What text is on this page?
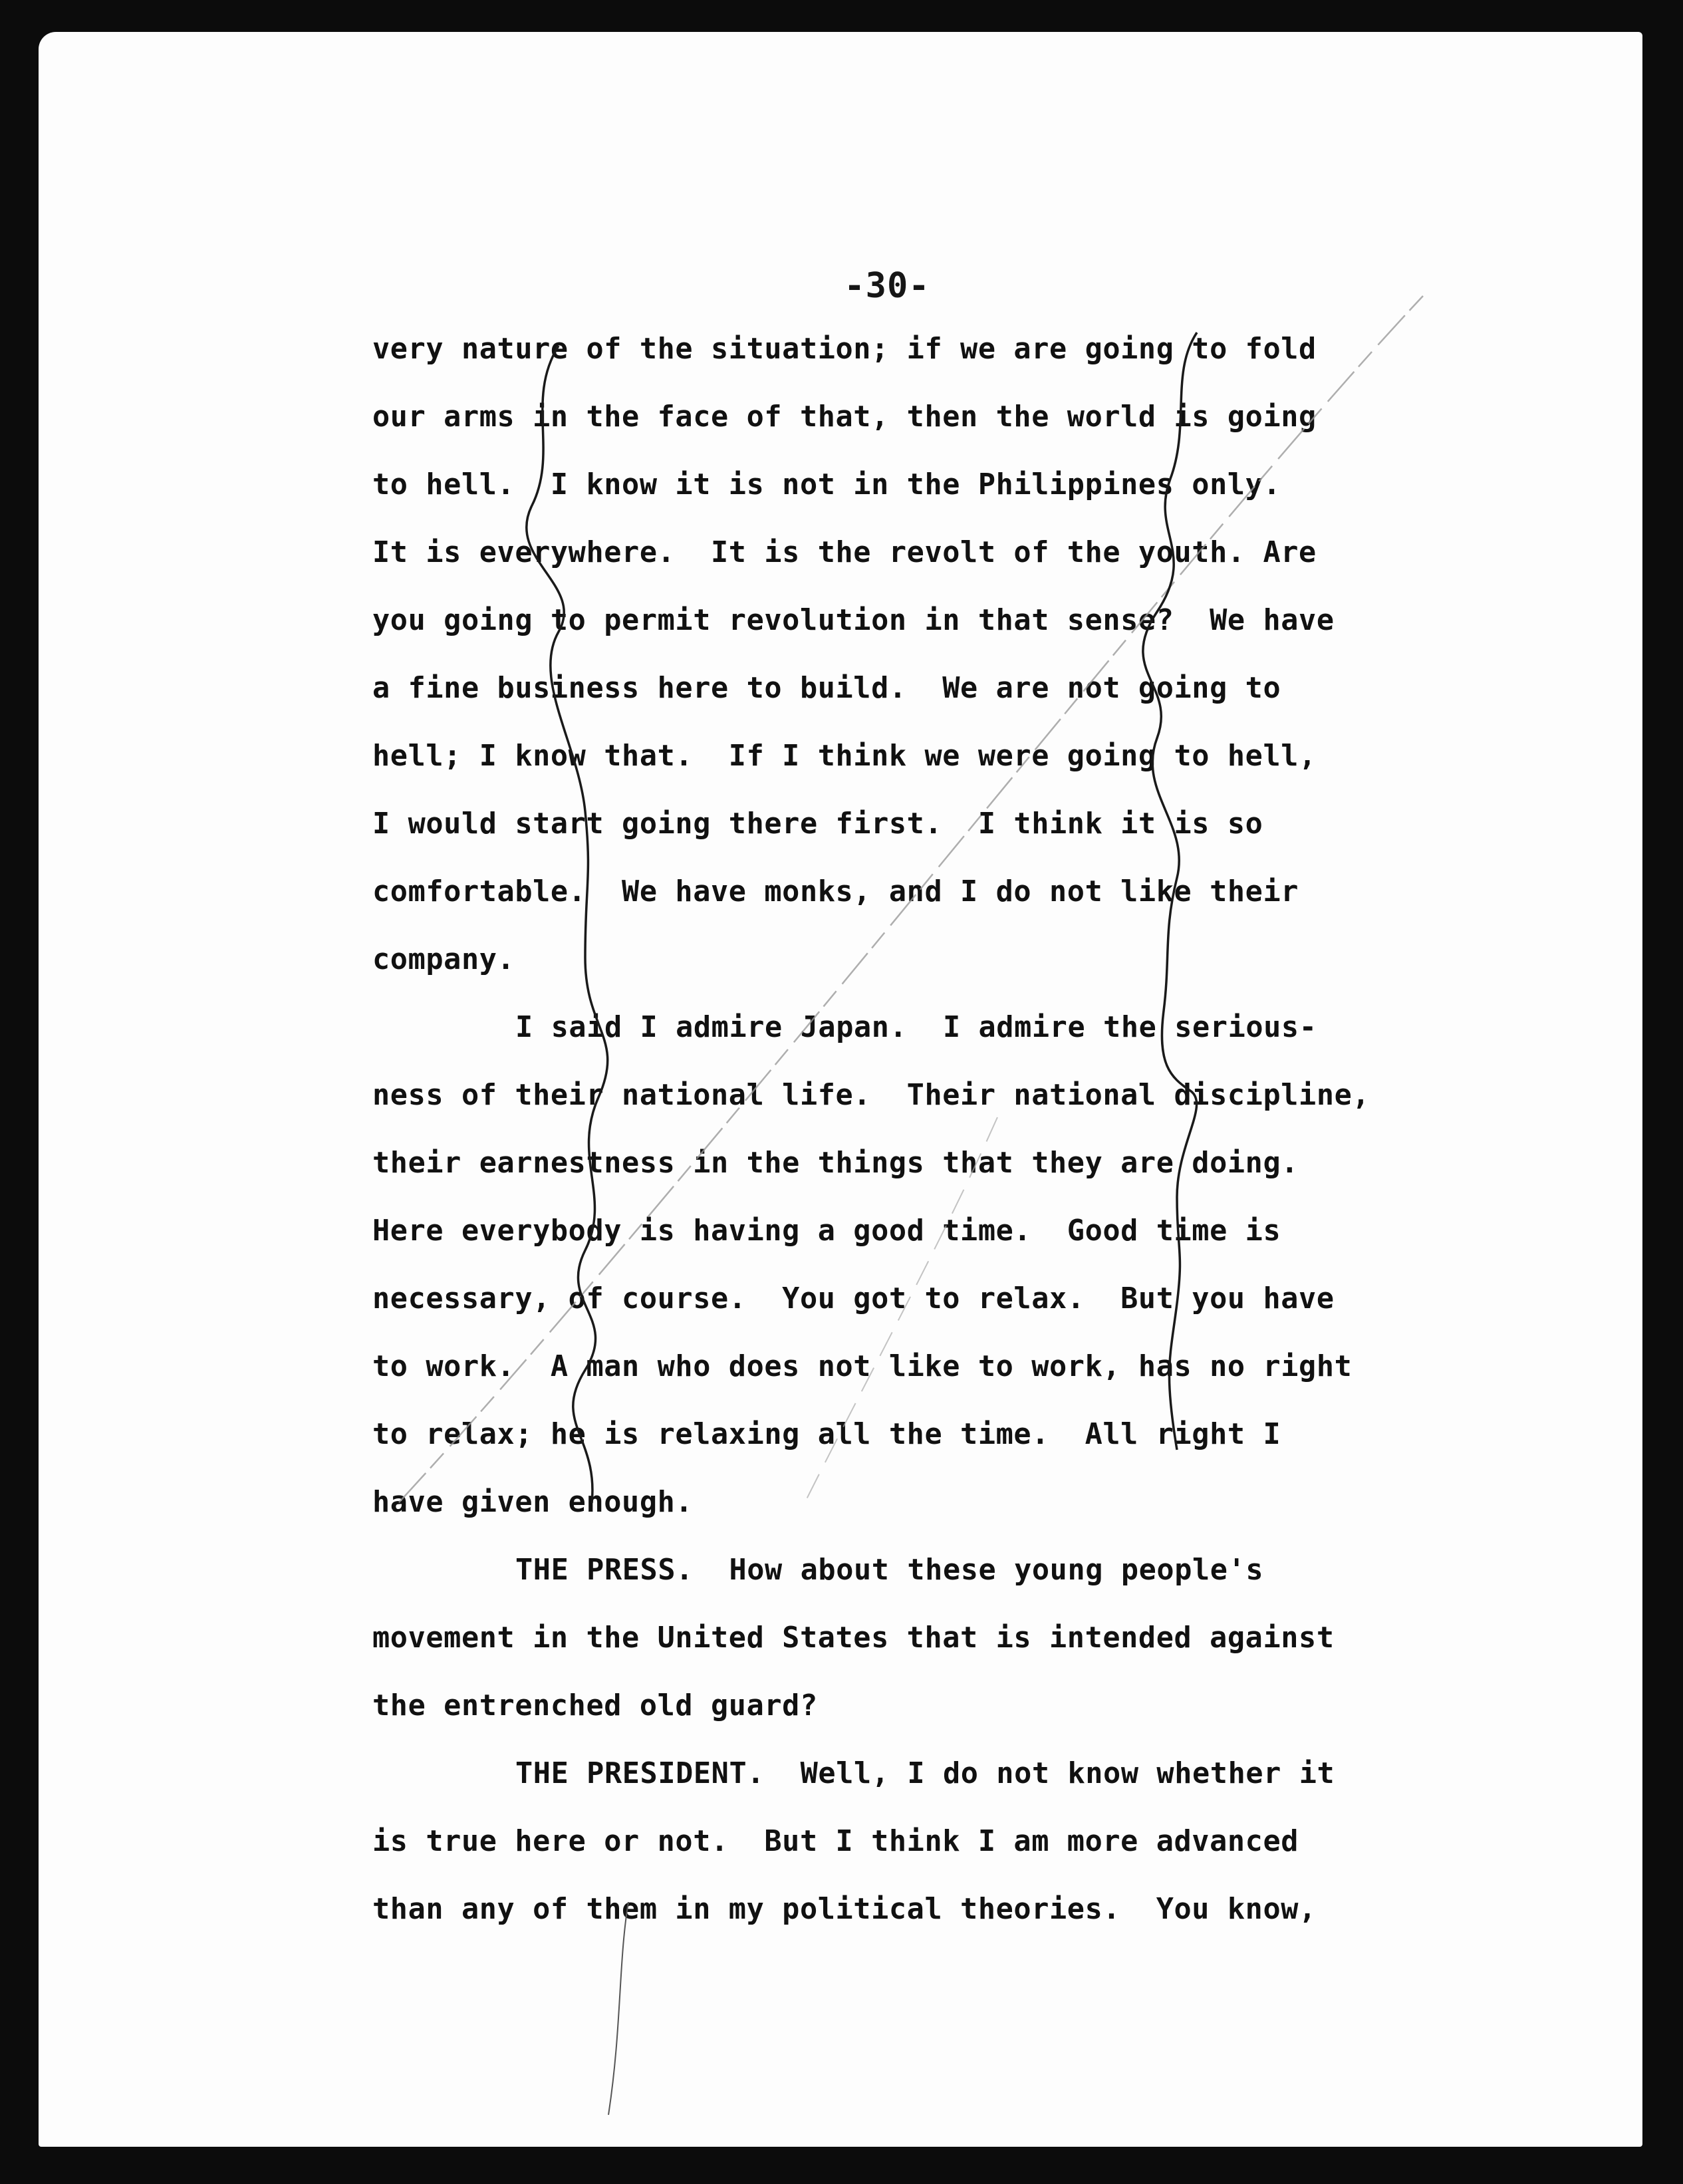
-30-
very nature of the situation; if we are going to fold
our arms in the face of that, then the world is going
to hell.  I know it is not in the Philippines only.
It is everywhere.  It is the revolt of the youth. Are
you going to permit revolution in that sense?  We have
a fine business here to build.  We are not going to
hell; I know that.  If I think we were going to hell,
I would start going there first.  I think it is so
comfortable.  We have monks, and I do not like their
company.
I said I admire Japan.  I admire the serious-
ness of their national life.  Their national discipline,
their earnestness in the things that they are doing.
Here everybody is having a good time.  Good time is
necessary, of course.  You got to relax.  But you have
to work.  A man who does not like to work, has no right
to relax; he is relaxing all the time.  All right I
have given enough.
THE PRESS.  How about these young people's
movement in the United States that is intended against
the entrenched old guard?
THE PRESIDENT.  Well, I do not know whether it
is true here or not.  But I think I am more advanced
than any of them in my political theories.  You know,
